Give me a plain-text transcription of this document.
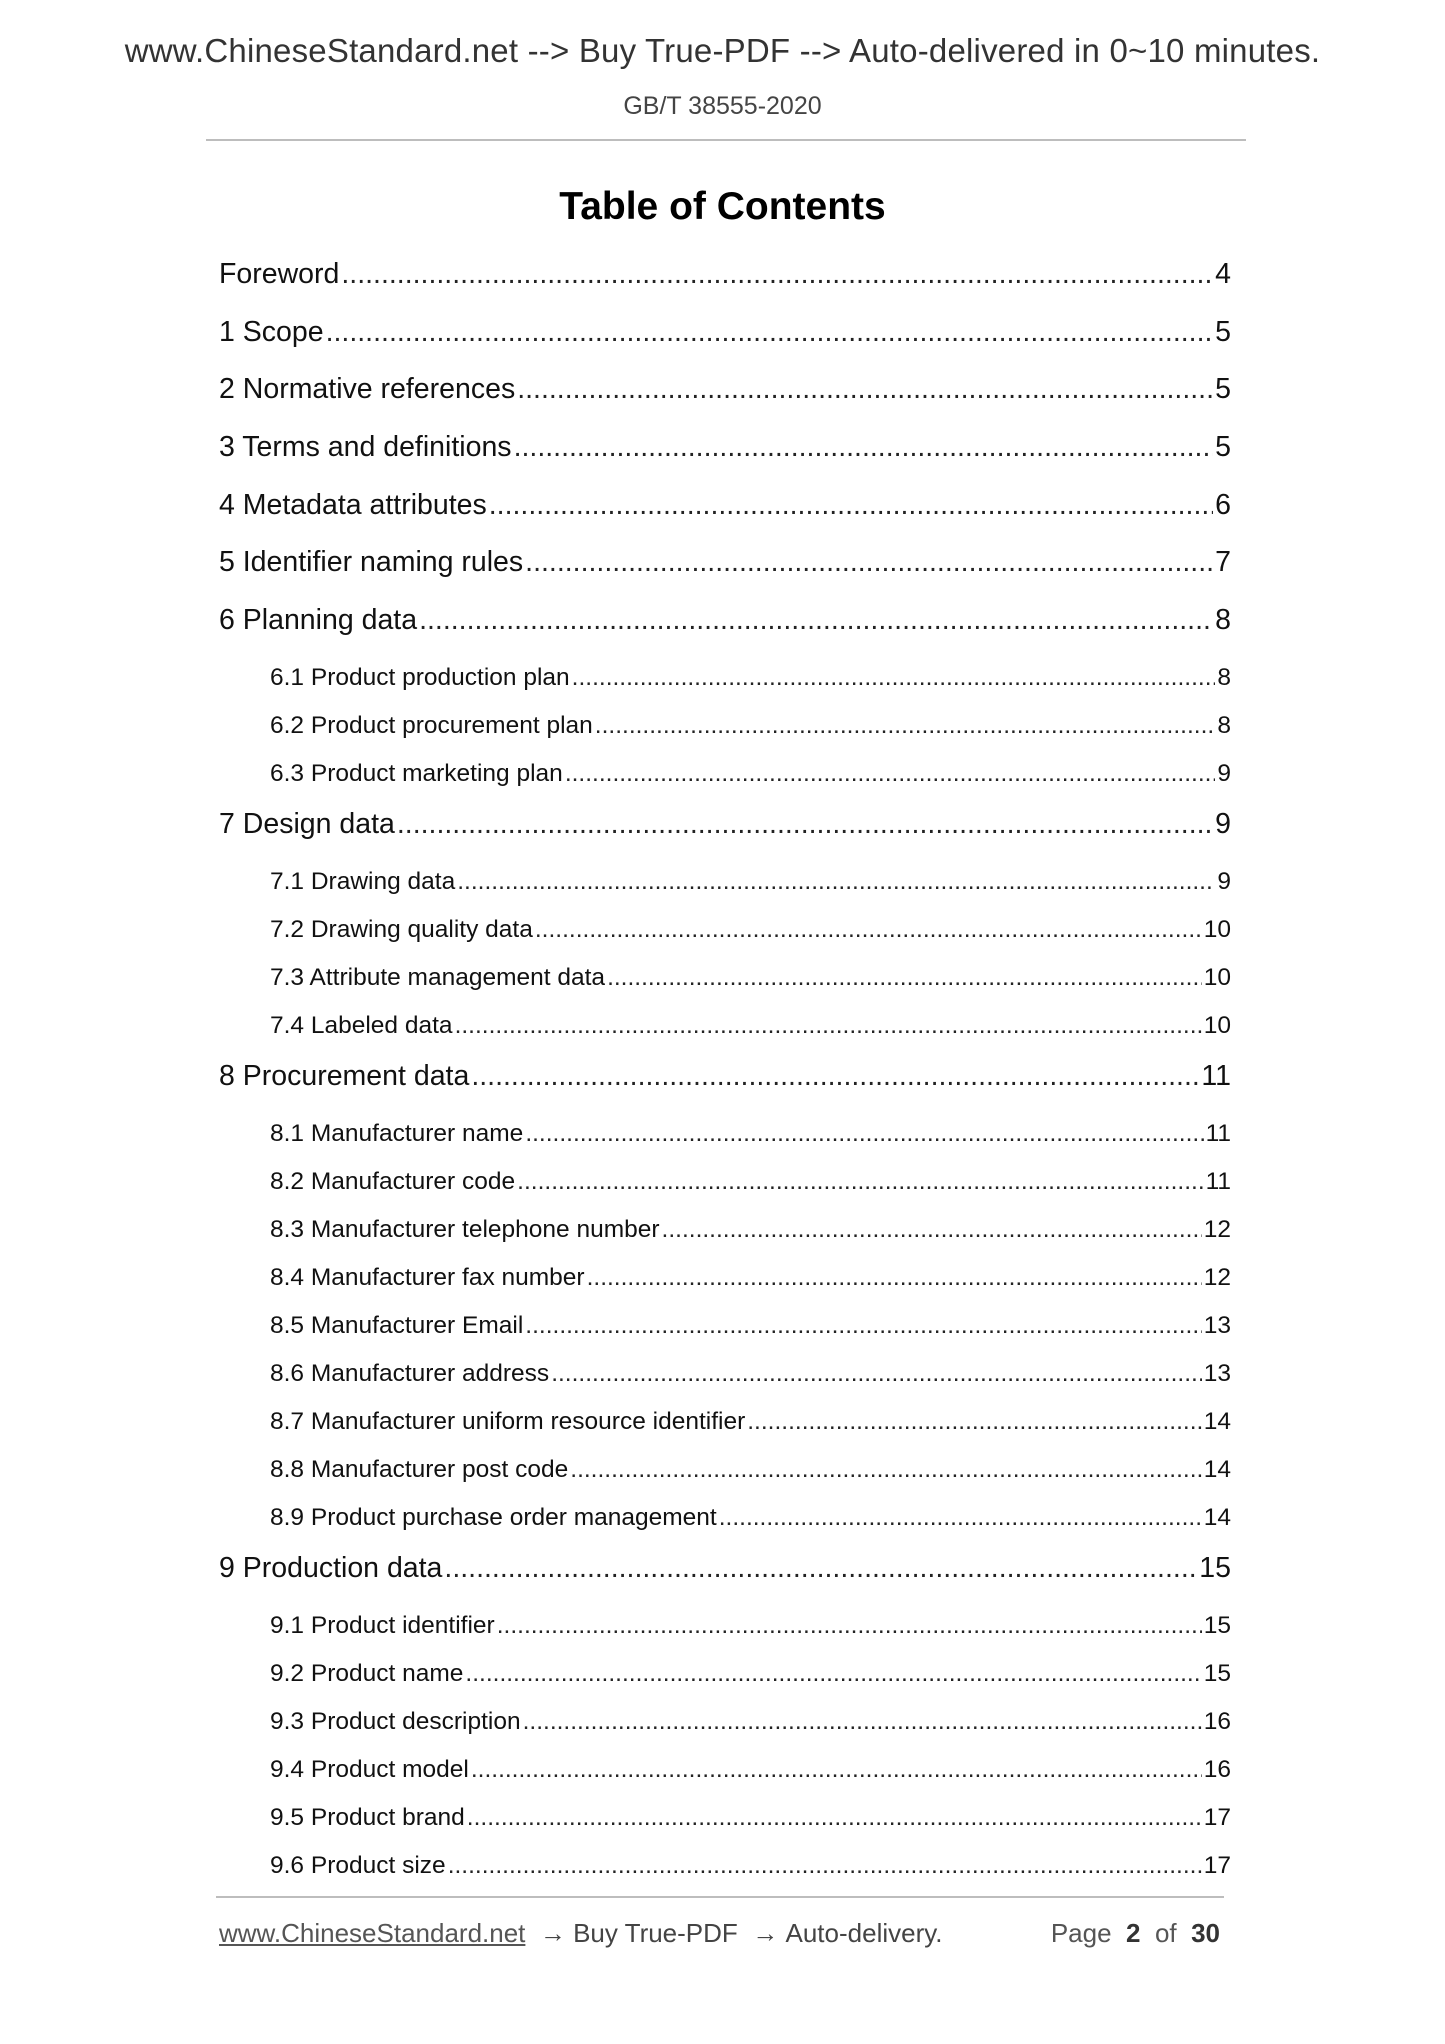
www.ChineseStandard.net --> Buy True-PDF --> Auto-delivered in 0~10 minutes.
GB/T 38555-2020
Table of Contents
Foreword .....	4
1 Scope .....	5
2 Normative references .....	5
3 Terms and definitions .....	5
4 Metadata attributes .....	6
5 Identifier naming rules .....	7
6 Planning data .....	8
6.1 Product production plan .....	8
6.2 Product procurement plan .....	8
6.3 Product marketing plan .....	9
7 Design data .....	9
7.1 Drawing data .....	9
7.2 Drawing quality data .....	10
7.3 Attribute management data .....	10
7.4 Labeled data .....	10
8 Procurement data .....	11
8.1 Manufacturer name .....	11
8.2 Manufacturer code .....	11
8.3 Manufacturer telephone number .....	12
8.4 Manufacturer fax number .....	12
8.5 Manufacturer Email .....	13
8.6 Manufacturer address .....	13
8.7 Manufacturer uniform resource identifier .....	14
8.8 Manufacturer post code .....	14
8.9 Product purchase order management .....	14
9 Production data .....	15
9.1 Product identifier .....	15
9.2 Product name .....	15
9.3 Product description .....	16
9.4 Product model .....	16
9.5 Product brand .....	17
9.6 Product size .....	17
www.ChineseStandard.net  → Buy True-PDF  → Auto-delivery.	Page 2 of 30
